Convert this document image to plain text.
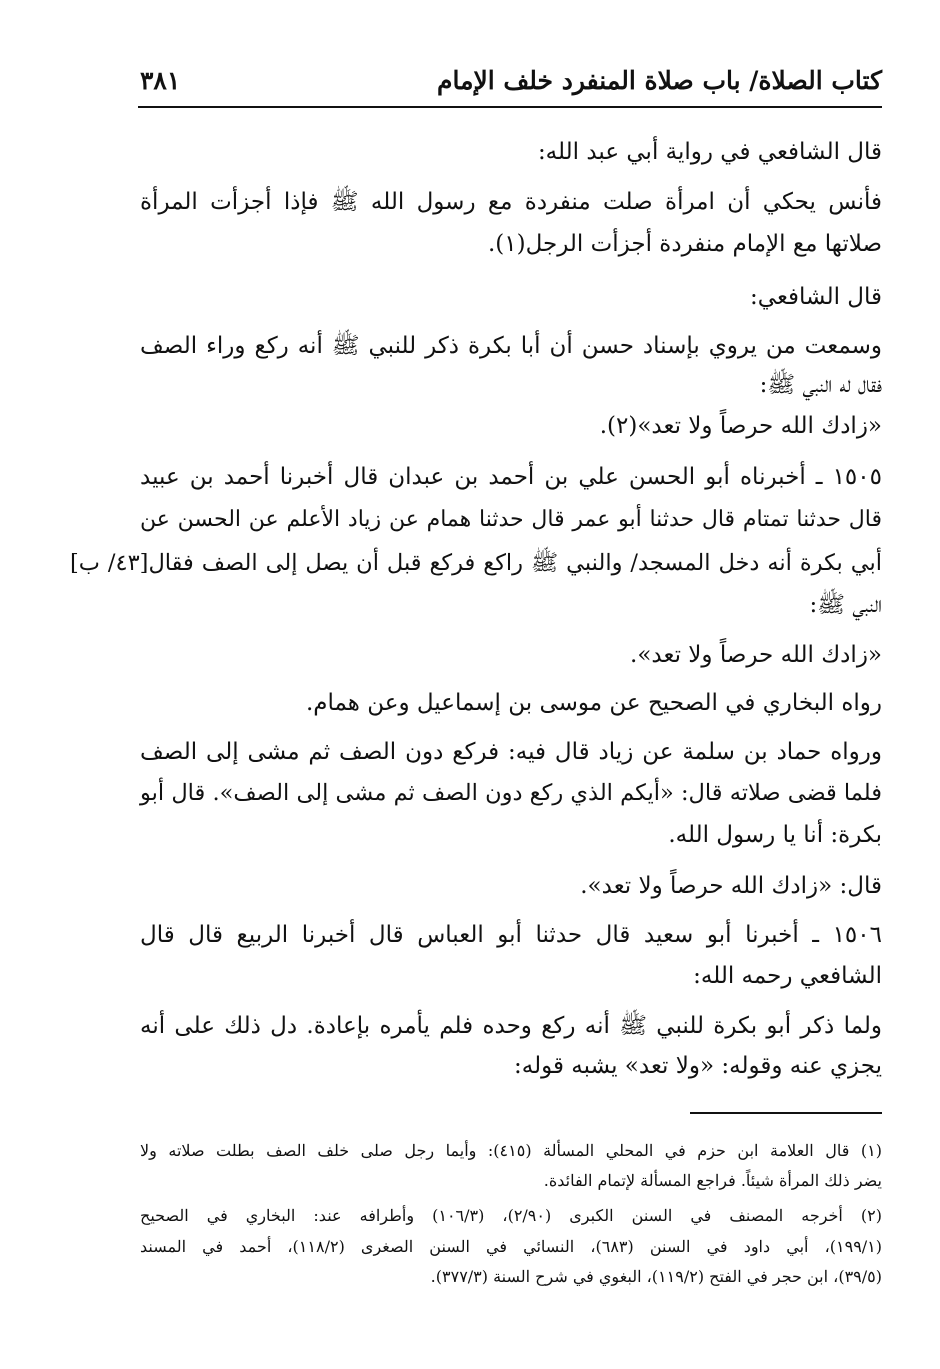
كتاب الصلاة/ باب صلاة المنفرد خلف الإمام
٣٨١
قال الشافعي في رواية أبي عبد الله:
فأنس يحكي أن امرأة صلت منفردة مع رسول الله ﷺ فإذا أجزأت المرأة
صلاتها مع الإمام منفردة أجزأت الرجل(١).
قال الشافعي:
وسمعت من يروي بإسناد حسن أن أبا بكرة ذكر للنبي ﷺ أنه ركع وراء الصف
فقال له النبي ﷺ:
«زادك الله حرصاً ولا تعد»(٢).
١٥٠٥ ـ أخبرناه أبو الحسن علي بن أحمد بن عبدان قال أخبرنا أحمد بن عبيد
قال حدثنا تمتام قال حدثنا أبو عمر قال حدثنا همام عن زياد الأعلم عن الحسن عن
أبي بكرة أنه دخل المسجد/ والنبي ﷺ راكع فركع قبل أن يصل إلى الصف فقال[٤٣/ ب]
النبي ﷺ:
«زادك الله حرصاً ولا تعد».
رواه البخاري في الصحيح عن موسى بن إسماعيل وعن همام.
ورواه حماد بن سلمة عن زياد قال فيه: فركع دون الصف ثم مشى إلى الصف
فلما قضى صلاته قال: «أيكم الذي ركع دون الصف ثم مشى إلى الصف». قال أبو
بكرة: أنا يا رسول الله.
قال: «زادك الله حرصاً ولا تعد».
١٥٠٦ ـ أخبرنا أبو سعيد قال حدثنا أبو العباس قال أخبرنا الربيع قال قال
الشافعي رحمه الله:
ولما ذكر أبو بكرة للنبي ﷺ أنه ركع وحده فلم يأمره بإعادة. دل ذلك على أنه
يجزي عنه وقوله: «ولا تعد» يشبه قوله:
(١) قال العلامة ابن حزم في المحلي المسألة (٤١٥): وأيما رجل صلى خلف الصف بطلت صلاته ولا
يضر ذلك المرأة شيئاً. فراجع المسألة لإتمام الفائدة.
(٢) أخرجه المصنف في السنن الكبرى (٢/٩٠)، (١٠٦/٣) وأطرافه عند: البخاري في الصحيح
(١٩٩/١)، أبي داود في السنن (٦٨٣)، النسائي في السنن الصغرى (١١٨/٢)، أحمد في المسند
(٣٩/٥)، ابن حجر في الفتح (١١٩/٢)، البغوي في شرح السنة (٣٧٧/٣).
